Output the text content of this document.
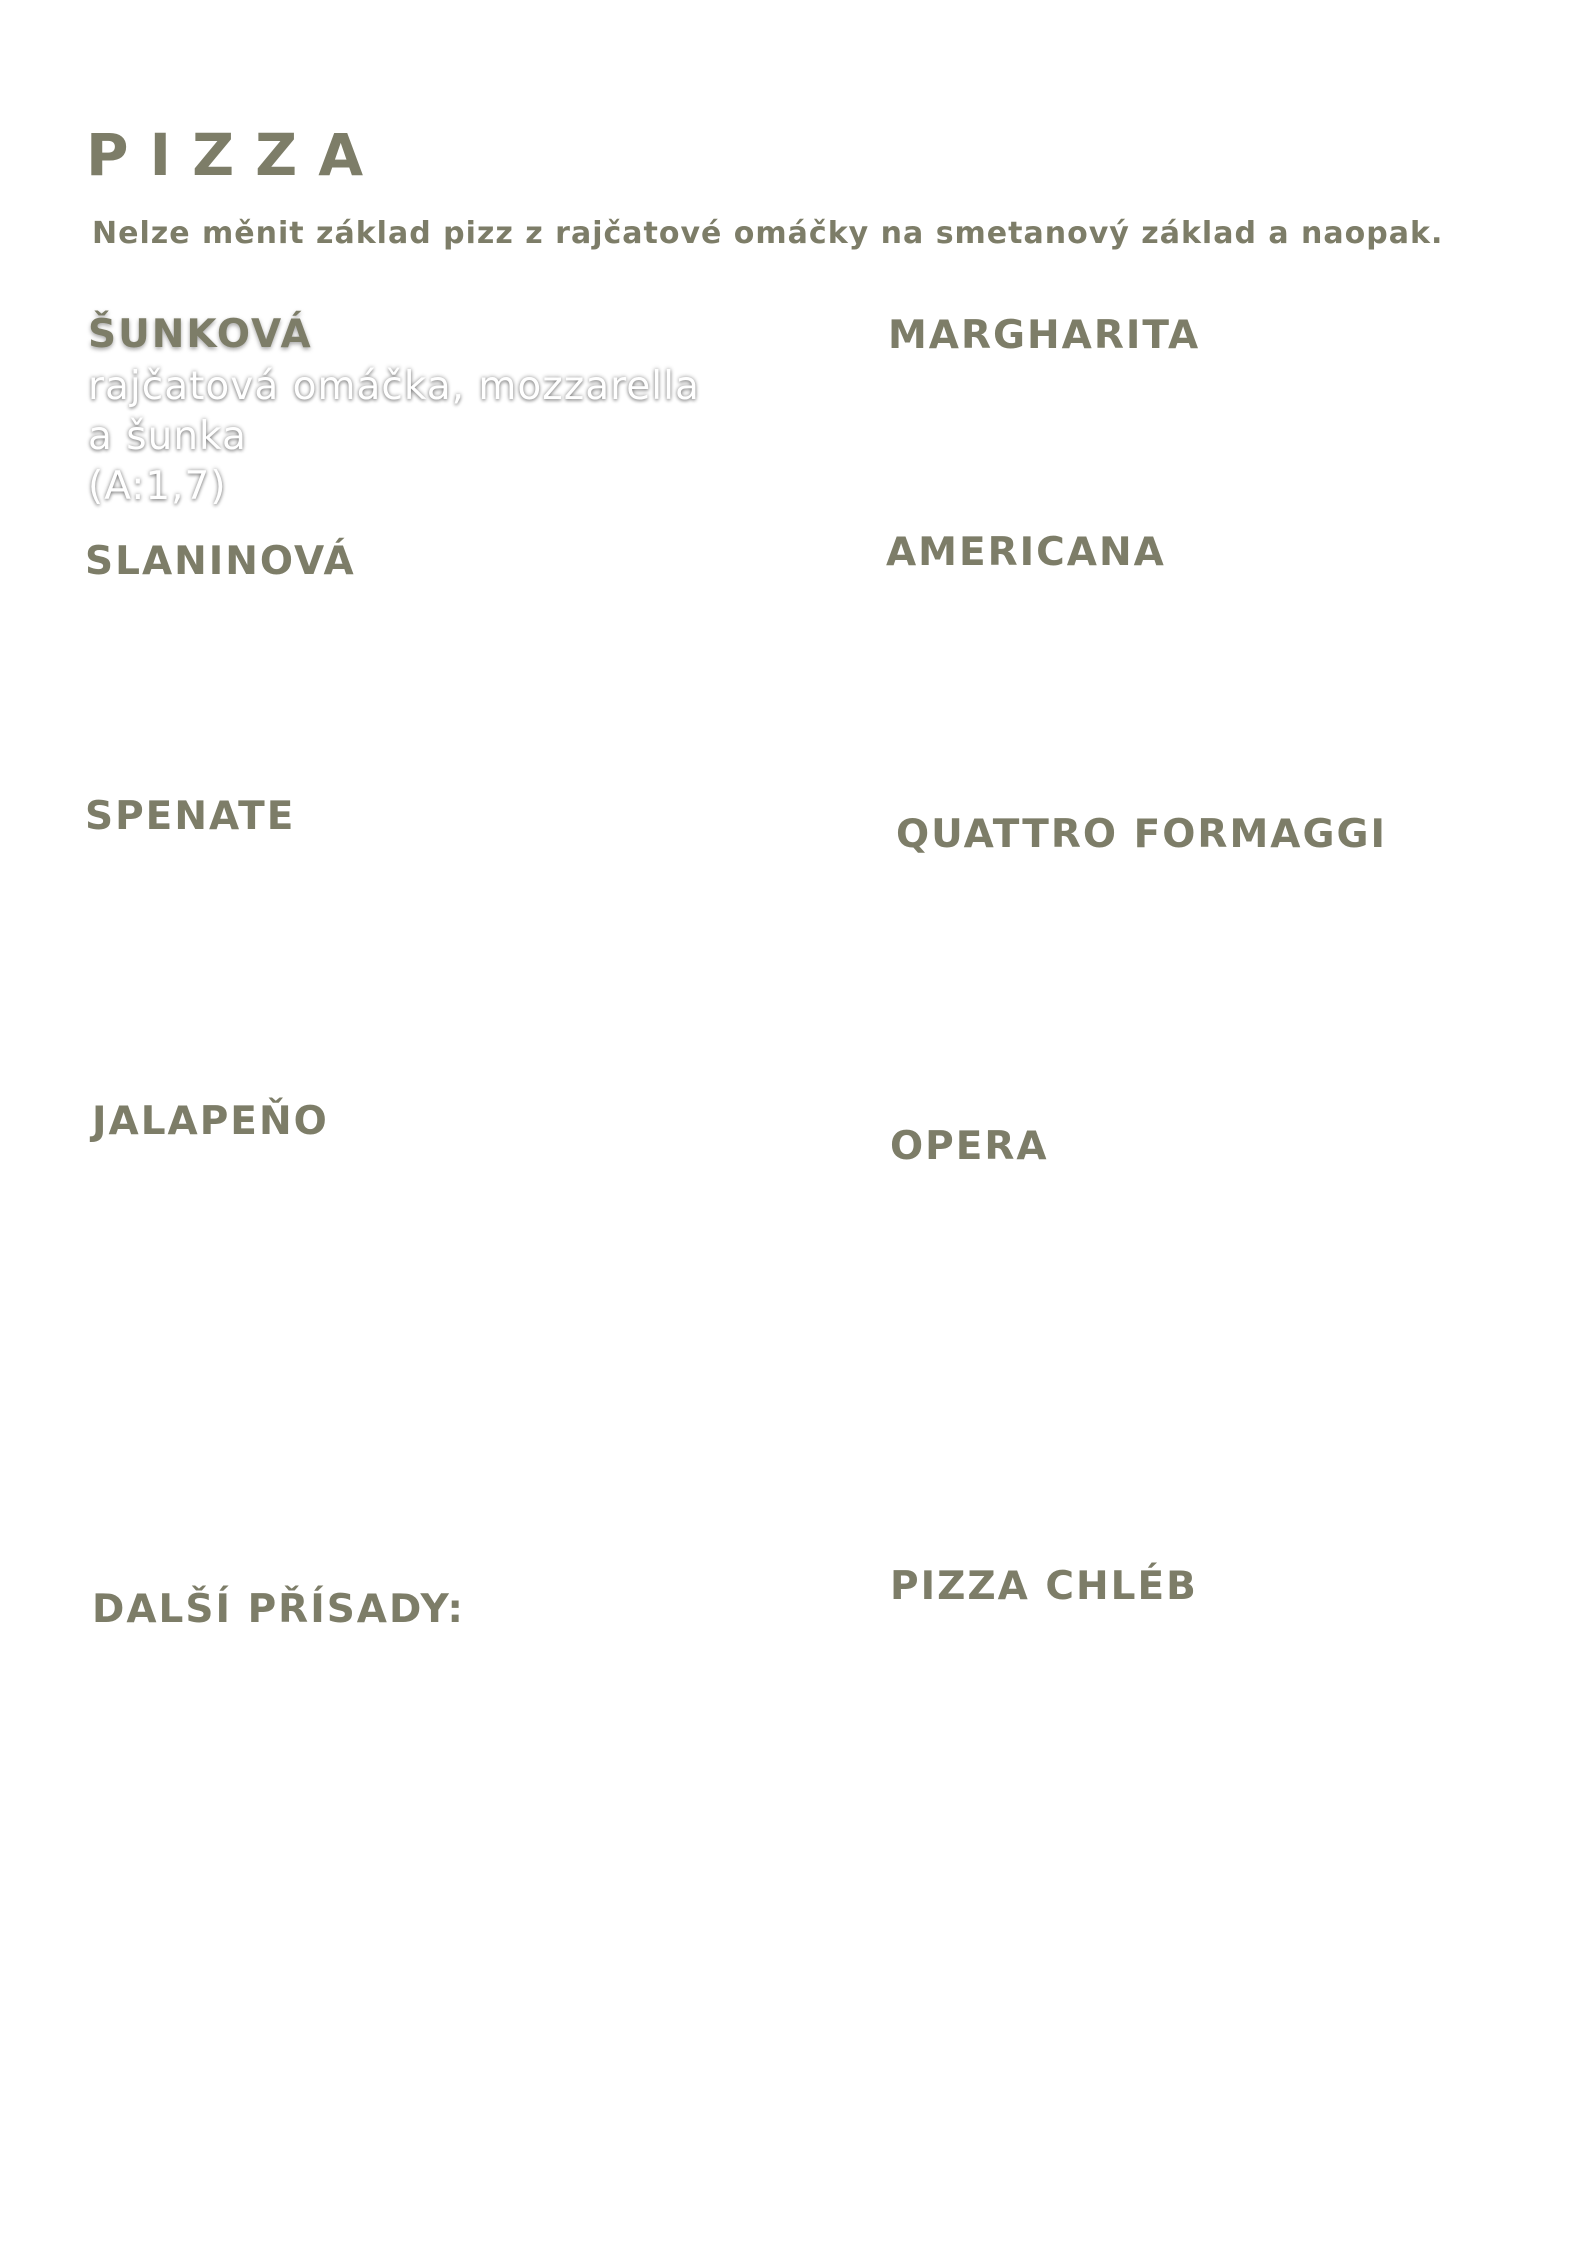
PIZZA
Nelze měnit základ pizz z rajčatové omáčky na smetanový základ a naopak.
ŠUNKOVÁ
rajčatová omáčka, mozzarella
a šunka
(A:1,7)
MARGHARITA
SLANINOVÁ	AMERICANA
SPENATE	QUATTRO FORMAGGI
JALAPEŇO
OPERA
DALŠÍ PŘÍSADY:
PIZZA CHLÉB
